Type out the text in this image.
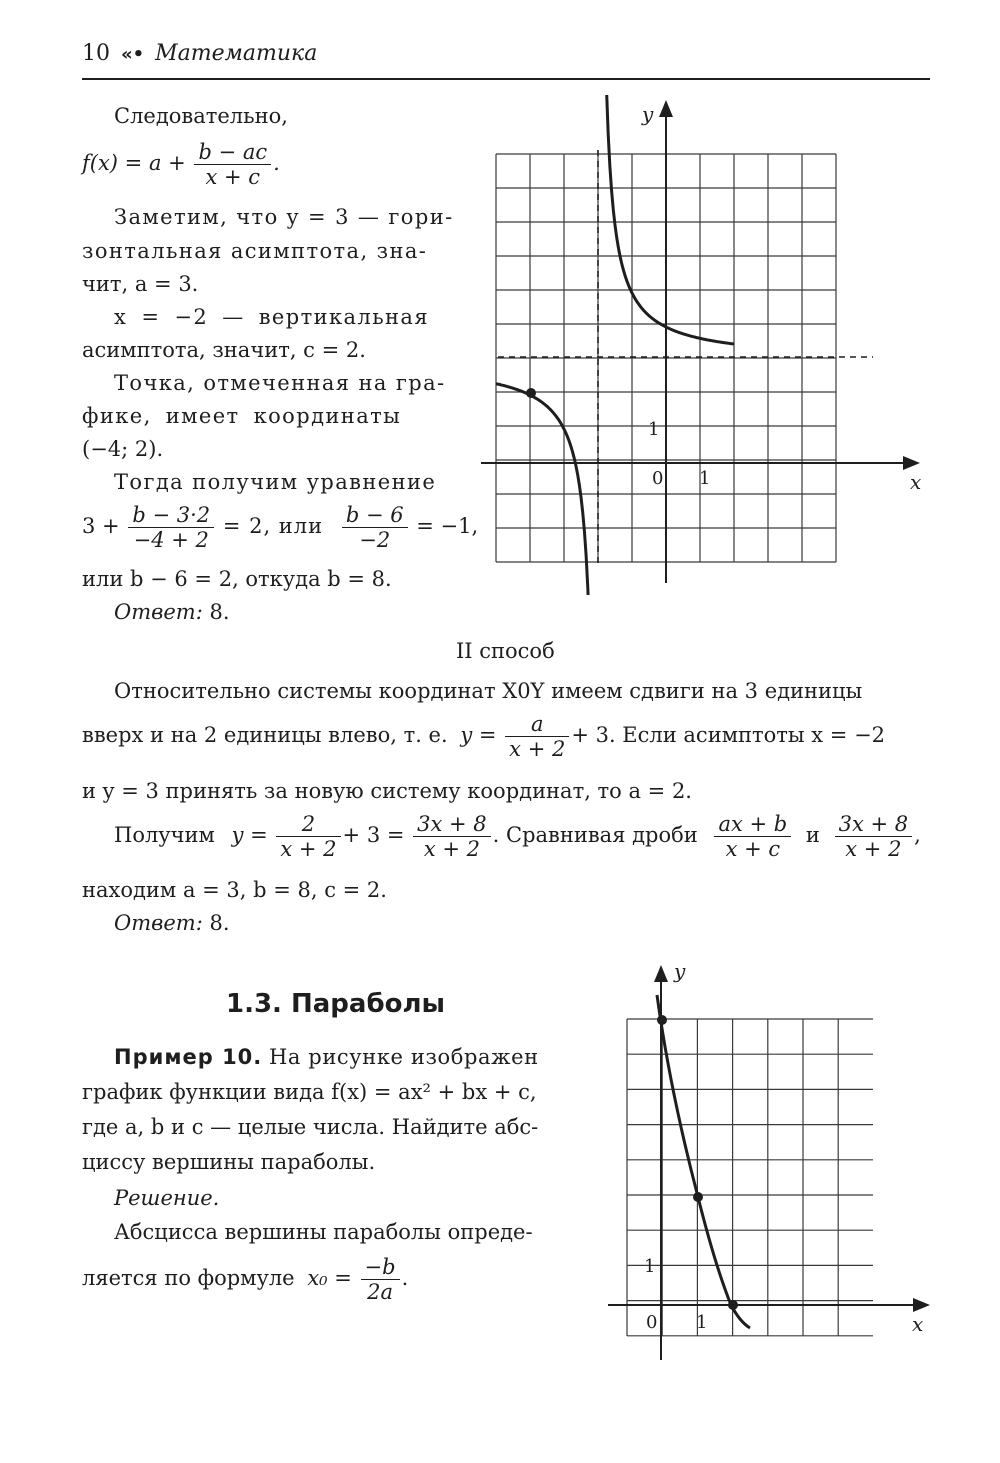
10 «• Математика
Следовательно,
$f(x) = a + \frac{b - ac}{x + c}$ .
Заметим, что y = 3 — гори-
зонтальная асимптота, зна-
чит, a = 3.
x = −2 — вертикальная
асимптота, значит, c = 2.
Точка, отмеченная на гра-
фике, имеет координаты
(−4; 2).
Тогда получим уравнение
$3 + \frac{b - 3\cdot 2}{-4 + 2} = 2$, или $\frac{b - 6}{-2} = -1$,
или b − 6 = 2, откуда b = 8.
Ответ: 8.
y
x
0 1
1
II способ
Относительно системы координат X0Y имеем сдвиги на 3 единицы
вверх и на 2 единицы влево, т. е. $y = \frac{a}{x + 2} + 3$. Если асимптоты x = −2
и y = 3 принять за новую систему координат, то a = 2.
Получим $y = \frac{2}{x + 2} + 3 = \frac{3x + 8}{x + 2}$ . Сравнивая дроби $\frac{ax + b}{x + c}$ и $\frac{3x + 8}{x + 2}$ ,
находим a = 3, b = 8, c = 2.
Ответ: 8.
1.3. Параболы
Пример 10. На рисунке изображен
график функции вида f(x) = ax² + bx + c,
где a, b и c — целые числа. Найдите абс-
циссу вершины параболы.
Решение.
Абсцисса вершины параболы опреде-
ляется по формуле $x_0 = \frac{-b}{2a}$ .
y
x
0 1
1
